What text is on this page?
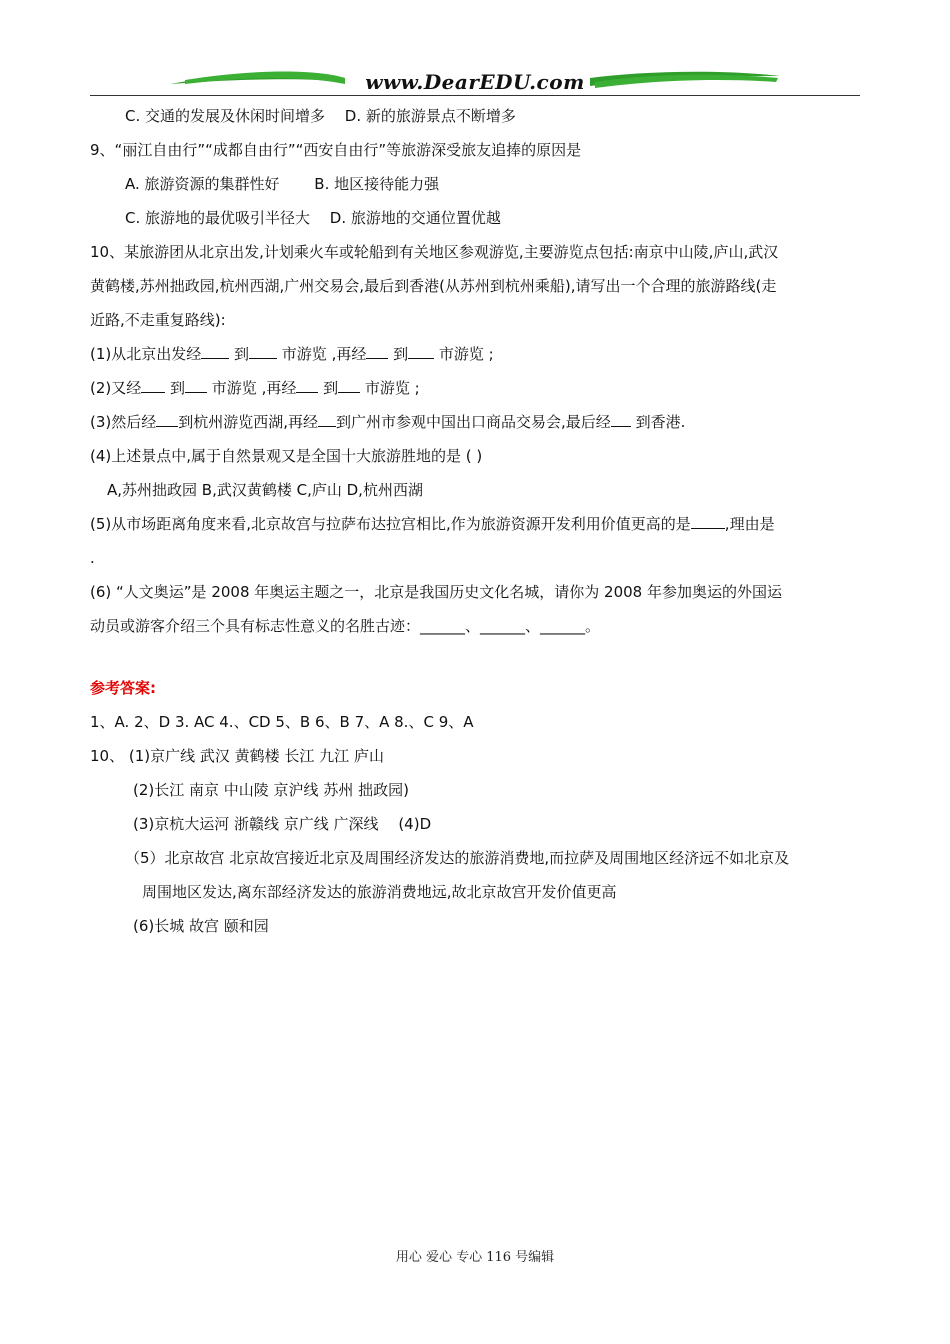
www.DearEDU.com
C. 交通的发展及休闲时间增多　 D. 新的旅游景点不断增多
9、“丽江自由行”“成都自由行”“西安自由行”等旅游深受旅友追捧的原因是
A. 旅游资源的集群性好　　 B. 地区接待能力强
C. 旅游地的最优吸引半径大　 D. 旅游地的交通位置优越
10、某旅游团从北京出发,计划乘火车或轮船到有关地区参观游览,主要游览点包括:南京中山陵,庐山,武汉
黄鹤楼,苏州拙政园,杭州西湖,广州交易会,最后到香港(从苏州到杭州乘船),请写出一个合理的旅游路线(走
近路,不走重复路线):
(1)从北京出发经 到 市游览 ,再经 到 市游览 ;
(2)又经 到 市游览 ,再经 到 市游览 ;
(3)然后经 到杭州游览西湖,再经 到广州市参观中国出口商品交易会,最后经 到香港.
(4)上述景点中,属于自然景观又是全国十大旅游胜地的是 ( )
A,苏州拙政园 B,武汉黄鹤楼 C,庐山 D,杭州西湖
(5)从市场距离角度来看,北京故宫与拉萨布达拉宫相比,作为旅游资源开发利用价值更高的是 ,理由是
.
(6) “人文奥运”是 2008 年奥运主题之一，北京是我国历史文化名城，请你为 2008 年参加奥运的外国运
动员或游客介绍三个具有标志性意义的名胜古迹：______、______、______。
参考答案:
1、A. 2、D 3. AC 4.、CD 5、B 6、B 7、A 8.、C 9、A
10、 (1)京广线 武汉 黄鹤楼 长江 九江 庐山
(2)长江 南京 中山陵 京沪线 苏州 拙政园)
(3)京杭大运河 浙赣线 京广线 广深线　 (4)D
（5）北京故宫 北京故宫接近北京及周围经济发达的旅游消费地,而拉萨及周围地区经济远不如北京及
周围地区发达,离东部经济发达的旅游消费地远,故北京故宫开发价值更高
(6)长城 故宫 颐和园
用心 爱心 专心 116 号编辑
